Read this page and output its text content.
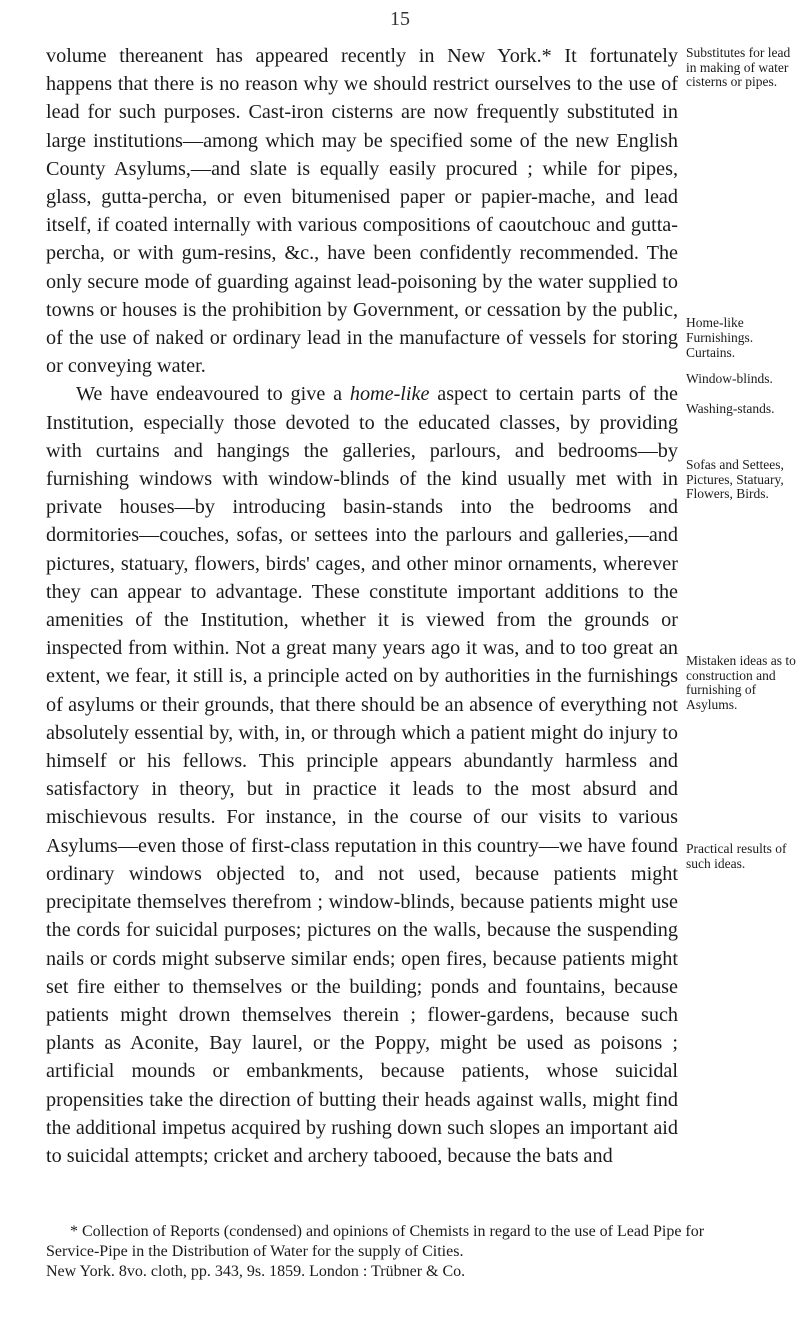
15

volume thereanent has appeared recently in New York.* It fortunately happens that there is no reason why we should restrict ourselves to the use of lead for such purposes. Cast-iron cisterns are now frequently substituted in large institutions—among which may be specified some of the new English County Asylums,—and slate is equally easily procured ; while for pipes, glass, gutta-percha, or even bitumenised paper or papier-mache, and lead itself, if coated internally with various compositions of caoutchouc and gutta-percha, or with gum-resins, &c., have been confidently recommended. The only secure mode of guarding against lead-poisoning by the water supplied to towns or houses is the prohibition by Government, or cessation by the public, of the use of naked or ordinary lead in the manufacture of vessels for storing or conveying water.

We have endeavoured to give a home-like aspect to certain parts of the Institution, especially those devoted to the educated classes, by providing with curtains and hangings the galleries, parlours, and bedrooms—by furnishing windows with window-blinds of the kind usually met with in private houses—by introducing basin-stands into the bedrooms and dormitories—couches, sofas, or settees into the parlours and galleries,—and pictures, statuary, flowers, birds' cages, and other minor ornaments, wherever they can appear to advantage. These constitute important additions to the amenities of the Institution, whether it is viewed from the grounds or inspected from within. Not a great many years ago it was, and to too great an extent, we fear, it still is, a principle acted on by authorities in the furnishings of asylums or their grounds, that there should be an absence of everything not absolutely essential by, with, in, or through which a patient might do injury to himself or his fellows. This principle appears abundantly harmless and satisfactory in theory, but in practice it leads to the most absurd and mischievous results. For instance, in the course of our visits to various Asylums—even those of first-class reputation in this country—we have found ordinary windows objected to, and not used, because patients might precipitate themselves therefrom ; window-blinds, because patients might use the cords for suicidal purposes; pictures on the walls, because the suspending nails or cords might subserve similar ends; open fires, because patients might set fire either to themselves or the building; ponds and fountains, because patients might drown themselves therein ; flower-gardens, because such plants as Aconite, Bay laurel, or the Poppy, might be used as poisons ; artificial mounds or embankments, because patients, whose suicidal propensities take the direction of butting their heads against walls, might find the additional impetus acquired by rushing down such slopes an important aid to suicidal attempts; cricket and archery tabooed, because the bats and

Substitutes for lead in making of water cisterns or pipes.
Home-like Furnishings.
Curtains.
Window-blinds.
Washing-stands.
Sofas and Settees, Pictures, Statuary, Flowers, Birds.
Mistaken ideas as to construction and furnishing of Asylums.
Practical results of such ideas.
* Collection of Reports (condensed) and opinions of Chemists in regard to the use of Lead Pipe for Service-Pipe in the Distribution of Water for the supply of Cities.
New York. 8vo. cloth, pp. 343, 9s. 1859. London : Trübner & Co.
